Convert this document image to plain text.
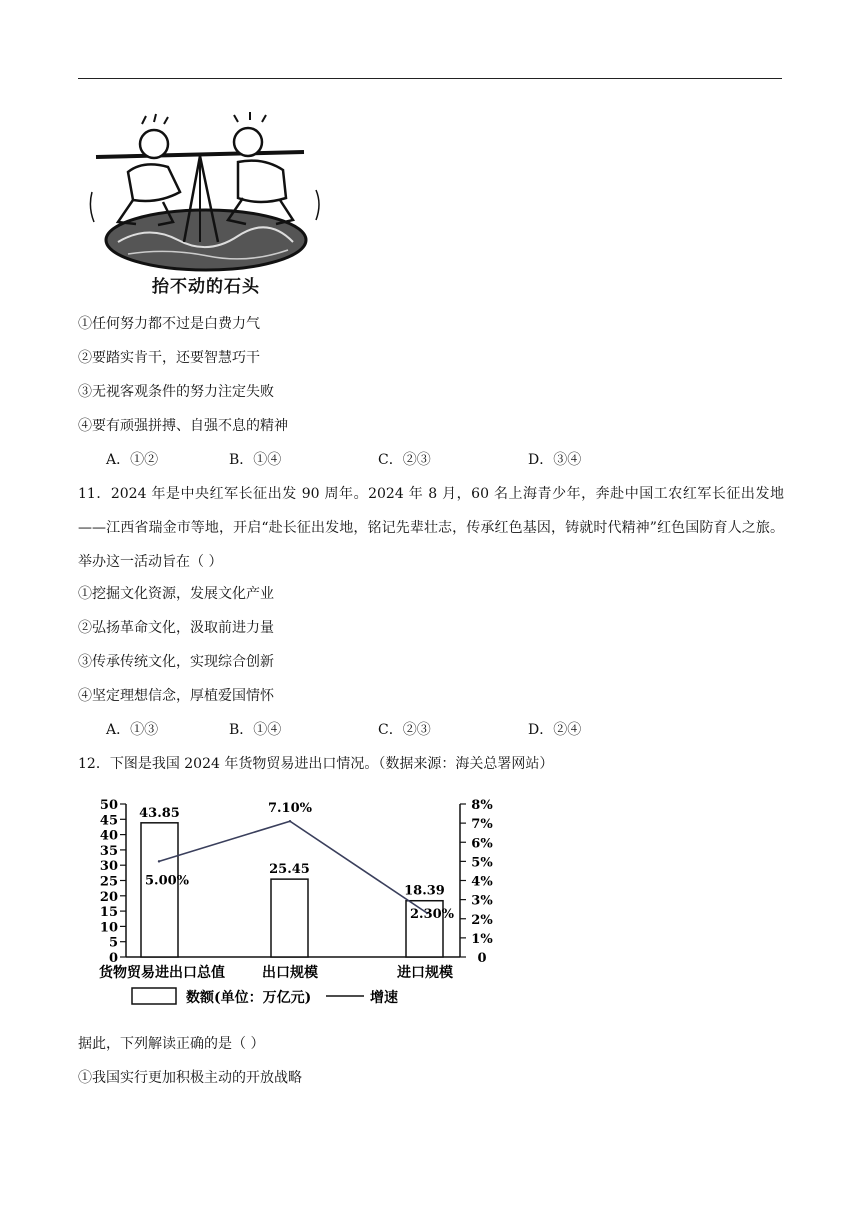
抬不动的石头
①任何努力都不过是白费力气
②要踏实肯干，还要智慧巧干
③无视客观条件的努力注定失败
④要有顽强拼搏、自强不息的精神
A．①②	B．①④	C．②③	D．③④
11．2024 年是中央红军长征出发 90 周年。2024 年 8 月，60 名上海青少年，奔赴中国工农红军长征出发地——江西省瑞金市等地，开启“赴长征出发地，铭记先辈壮志，传承红色基因，铸就时代精神”红色国防育人之旅。举办这一活动旨在（ ）
①挖掘文化资源，发展文化产业
②弘扬革命文化，汲取前进力量
③传承传统文化，实现综合创新
④坚定理想信念，厚植爱国情怀
A．①③	B．①④	C．②③	D．②④
12．下图是我国 2024 年货物贸易进出口情况。（数据来源：海关总署网站）
0
5
10
15
20
25
30
35
40
45
50
0
1%
2%
3%
4%
5%
6%
7%
8%
43.85
25.45
18.39
5.00%
7.10%
2.30%
货物贸易进出口总值	出口规模	进口规模
数额(单位：万亿元)	增速
据此，下列解读正确的是（ ）
①我国实行更加积极主动的开放战略
